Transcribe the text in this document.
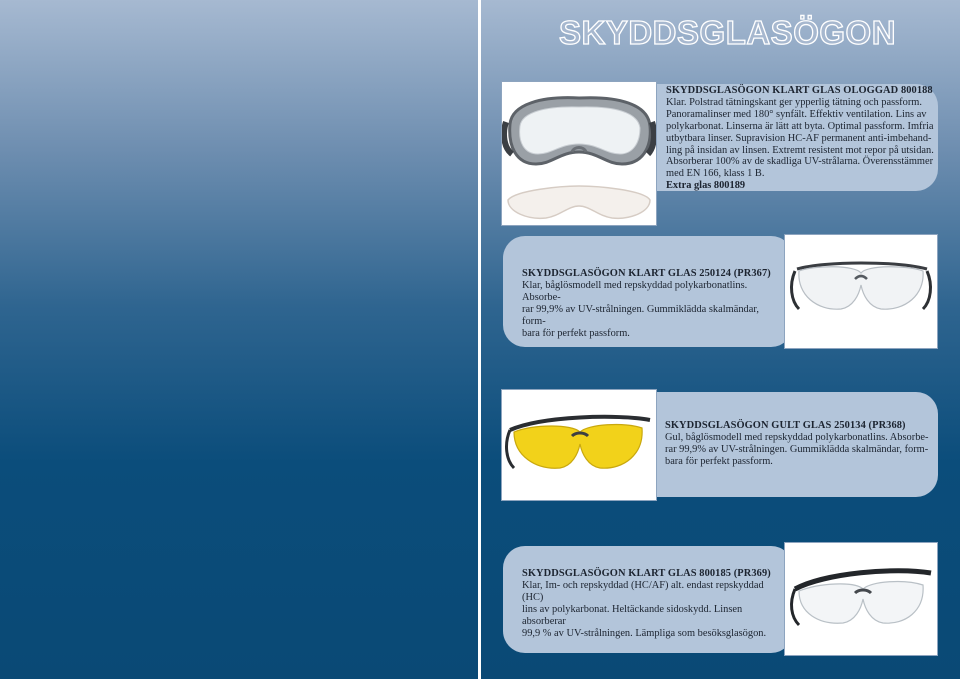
SKYDDSGLASÖGON
SKYDDSGLASÖGON KLART GLAS OLOGGAD 800188
Klar. Polstrad tätningskant ger ypperlig tätning och passform.
Panoramalinser med 180° synfält. Effektiv ventilation. Lins av
polykarbonat. Linserna är lätt att byta. Optimal passform. Imfria
utbytbara linser. Supravision HC-AF permanent anti-imbehand-
ling på insidan av linsen. Extremt resistent mot repor på utsidan.
Absorberar 100% av de skadliga UV-strålarna. Överensstämmer
med EN 166, klass 1 B.
Extra glas 800189
SKYDDSGLASÖGON KLART GLAS 250124 (PR367)
Klar, båglösmodell med repskyddad polykarbonatlins. Absorbe-
rar 99,9% av UV-strålningen. Gummiklädda skalmändar, form-
bara för perfekt passform.
SKYDDSGLASÖGON GULT GLAS 250134 (PR368)
Gul, båglösmodell med repskyddad polykarbonatlins. Absorbe-
rar 99,9% av UV-strålningen. Gummiklädda skalmändar, form-
bara för perfekt passform.
SKYDDSGLASÖGON KLART GLAS 800185 (PR369)
Klar, Im- och repskyddad (HC/AF) alt. endast repskyddad (HC)
lins av polykarbonat. Heltäckande sidoskydd. Linsen absorberar
99,9 % av UV-strålningen. Lämpliga som besöksglasögon.
